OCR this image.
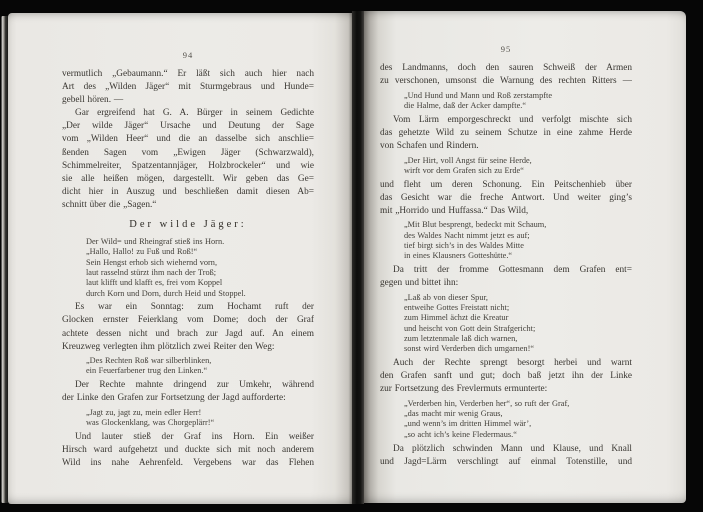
94
vermutlich „Gebaumann.“ Er läßt sich auch hier nach
Art des „Wilden Jäger“ mit Sturmgebraus und Hunde=
gebell hören. —
Gar ergreifend hat G. A. Bürger in seinem Gedichte
„Der wilde Jäger“ Ursache und Deutung der Sage
vom „Wilden Heer“ und die an dasselbe sich anschlie=
ßenden Sagen vom „Ewigen Jäger (Schwarzwald),
Schimmelreiter, Spatzentannjäger, Holzbrockeler“ und wie
sie alle heißen mögen, dargestellt. Wir geben das Ge=
dicht hier in Auszug und beschließen damit diesen Ab=
schnitt über die „Sagen.“
Der wilde Jäger:
Der Wild= und Rheingraf stieß ins Horn.
„Hallo, Hallo! zu Fuß und Roß!“
Sein Hengst erhob sich wiehernd vorn,
laut rasselnd stürzt ihm nach der Troß;
laut klifft und klafft es, frei vom Koppel
durch Korn und Dorn, durch Heid und Stoppel.
Es war ein Sonntag: zum Hochamt ruft der
Glocken ernster Feierklang vom Dome; doch der Graf
achtete dessen nicht und brach zur Jagd auf. An einem
Kreuzweg verlegten ihm plötzlich zwei Reiter den Weg:
„Des Rechten Roß war silberblinken,
ein Feuerfarbener trug den Linken.“
Der Rechte mahnte dringend zur Umkehr, während
der Linke den Grafen zur Fortsetzung der Jagd aufforderte:
„Jagt zu, jagt zu, mein edler Herr!
was Glockenklang, was Chorgeplärr!“
Und lauter stieß der Graf ins Horn. Ein weißer
Hirsch ward aufgehetzt und duckte sich mit noch anderem
Wild ins nahe Aehrenfeld. Vergebens war das Flehen
95
des Landmanns, doch den sauren Schweiß der Armen
zu verschonen, umsonst die Warnung des rechten Ritters —
„Und Hund und Mann und Roß zerstampfte
die Halme, daß der Acker dampfte.“
Vom Lärm emporgeschreckt und verfolgt mischte sich
das gehetzte Wild zu seinem Schutze in eine zahme Herde
von Schafen und Rindern.
„Der Hirt, voll Angst für seine Herde,
wirft vor dem Grafen sich zu Erde“
und fleht um deren Schonung. Ein Peitschenhieb über
das Gesicht war die freche Antwort. Und weiter ging’s
mit „Horrido und Huffassa.“ Das Wild,
„Mit Blut besprengt, bedeckt mit Schaum,
des Waldes Nacht nimmt jetzt es auf;
tief birgt sich’s in des Waldes Mitte
in eines Klausners Gotteshütte.“
Da tritt der fromme Gottesmann dem Grafen ent=
gegen und bittet ihn:
„Laß ab von dieser Spur,
entweihe Gottes Freistatt nicht;
zum Himmel ächzt die Kreatur
und heischt von Gott dein Strafgericht;
zum letztenmale laß dich warnen,
sonst wird Verderben dich umgarnen!“
Auch der Rechte sprengt besorgt herbei und warnt
den Grafen sanft und gut; doch baß jetzt ihn der Linke
zur Fortsetzung des Frevlermuts ermunterte:
„Verderben hin, Verderben her“, so ruft der Graf,
„das macht mir wenig Graus,
„und wenn’s im dritten Himmel wär’,
„so acht ich’s keine Fledermaus.“
Da plötzlich schwinden Mann und Klause, und Knall
und Jagd=Lärm verschlingt auf einmal Totenstille, und
